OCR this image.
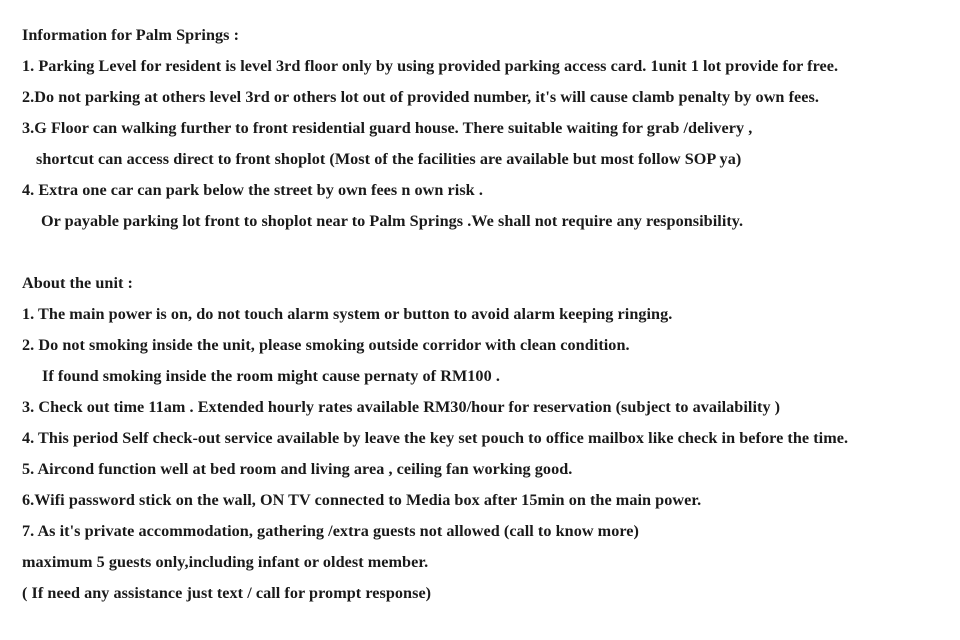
Information for Palm Springs :
1. Parking Level for resident is level 3rd floor only by using provided parking access card. 1unit 1 lot provide for free.
2.Do not parking at others level 3rd or others lot out of provided number, it's will cause clamb penalty by own fees.
3.G Floor can walking further to front residential guard house. There suitable waiting for grab /delivery ,
shortcut can access direct to front shoplot (Most of the facilities are available but most follow SOP ya)
4. Extra one car can park below the street by own fees n own risk .
Or payable parking lot front to shoplot near to Palm Springs .We shall not require any responsibility.
About the unit :
1. The main power is on, do not touch alarm system or button to avoid alarm keeping ringing.
2. Do not smoking inside the unit, please smoking outside corridor with clean condition.
If found smoking inside the room might cause pernaty of RM100 .
3. Check out time 11am . Extended hourly rates available RM30/hour for reservation (subject to availability )
4. This period Self check-out service available by leave the key set pouch to office mailbox like check in before the time.
5. Aircond function well at bed room and living area , ceiling fan working good.
6.Wifi password stick on the wall, ON TV connected to Media box after 15min on the main power.
7. As it's private accommodation, gathering /extra guests not allowed (call to know more)
maximum 5 guests only,including infant or oldest member.
( If need any assistance just text / call for prompt response)
